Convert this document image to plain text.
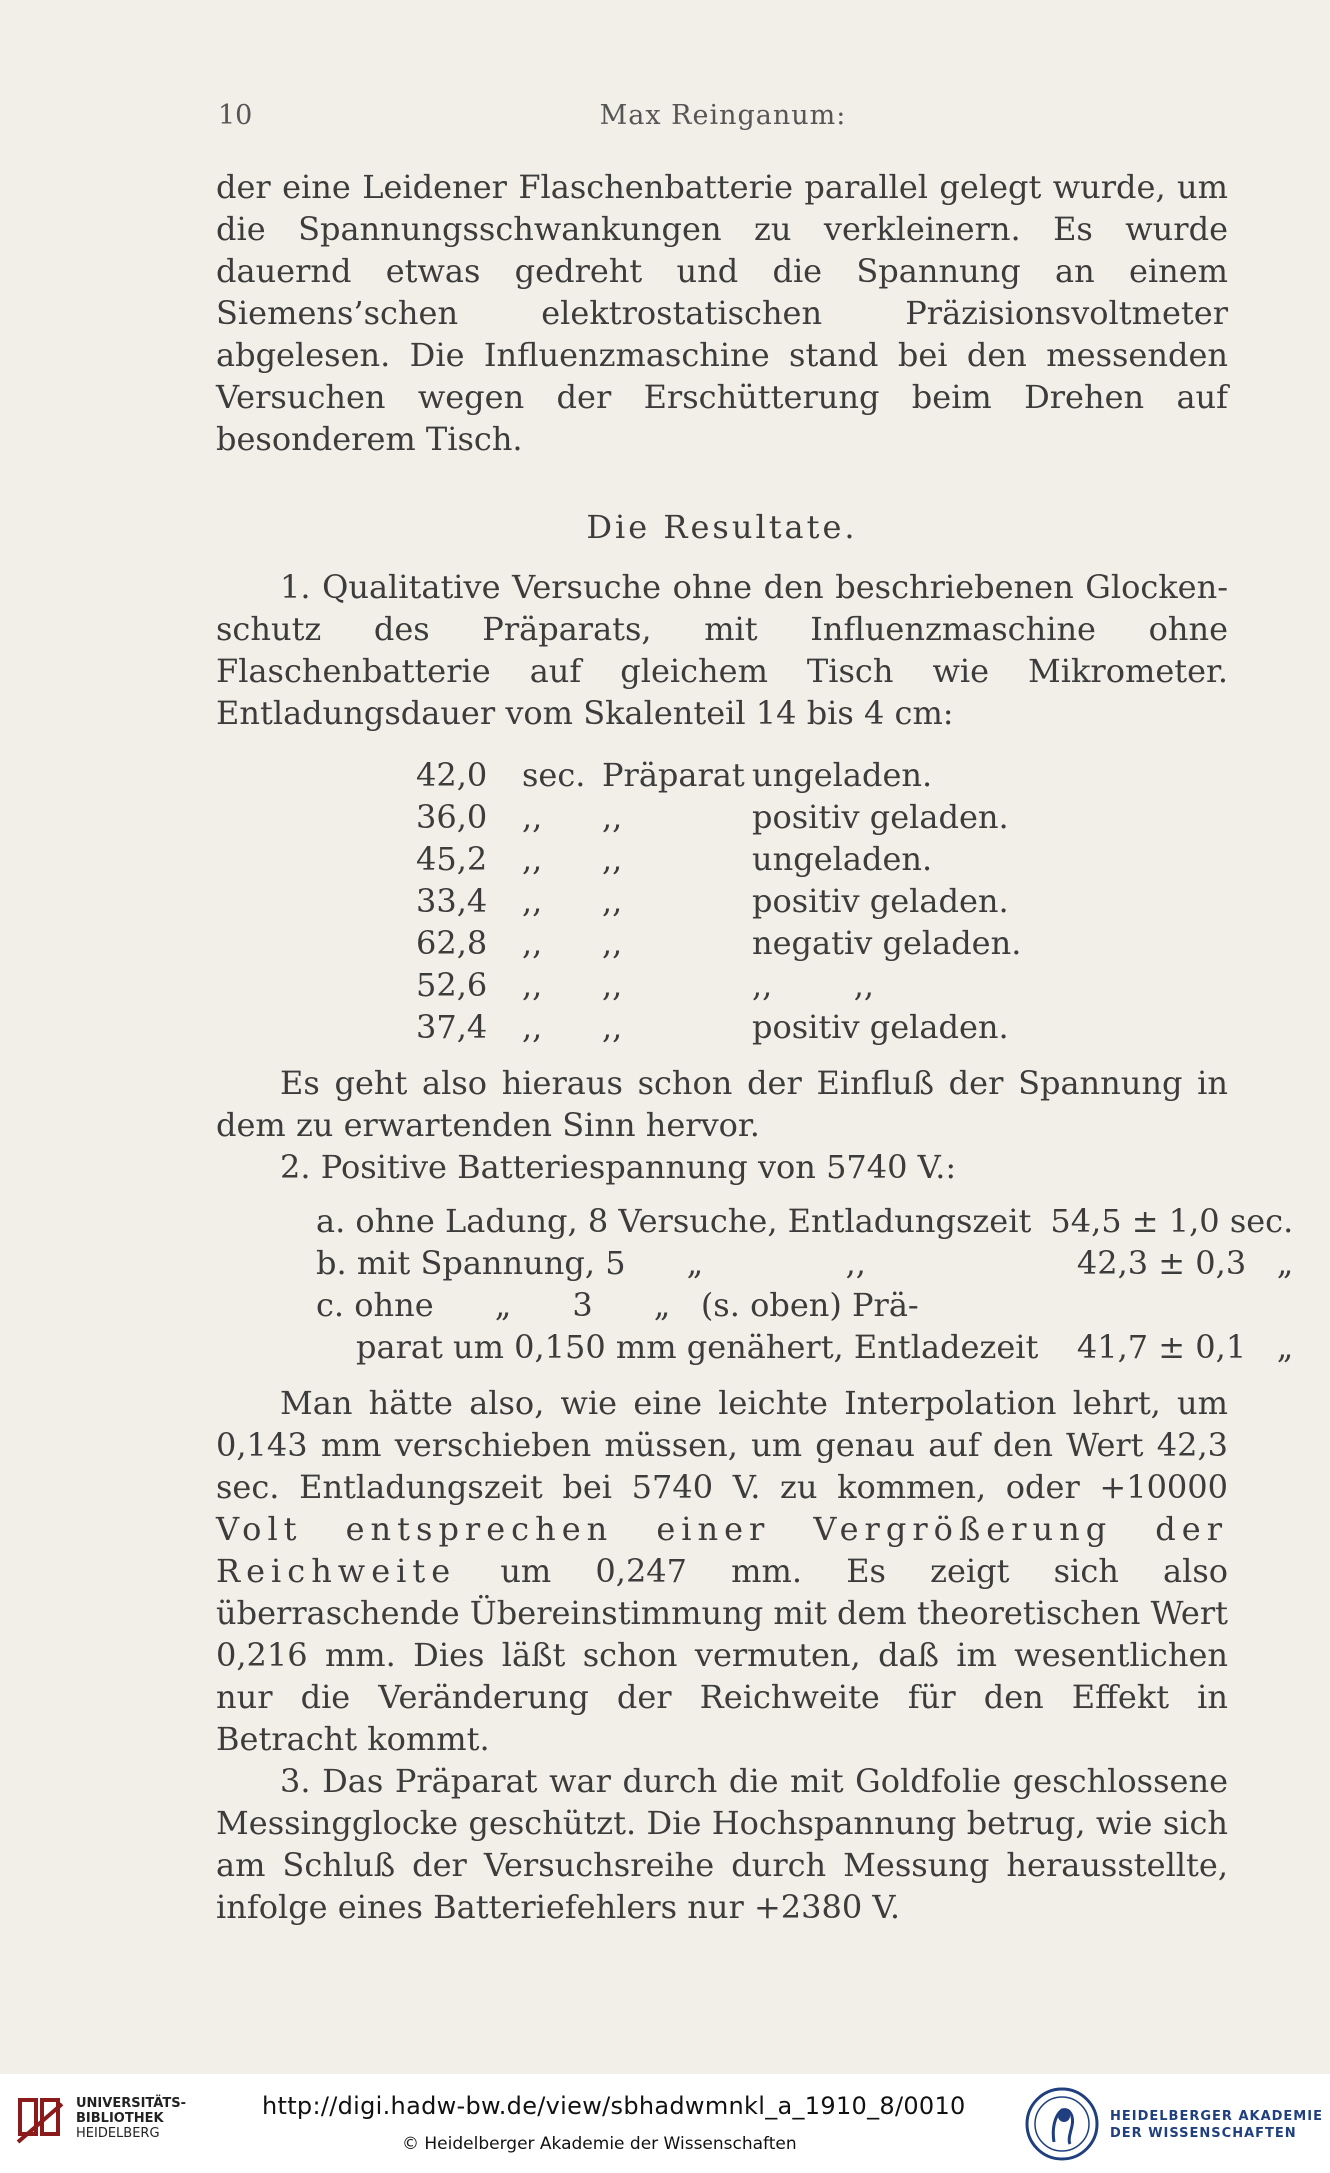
10	Max Reinganum:

der eine Leidener Flaschenbatterie parallel gelegt wurde, um die Spannungsschwankungen zu verkleinern. Es wurde dauernd etwas gedreht und die Spannung an einem Siemens’schen elektrostatischen Präzisionsvoltmeter abgelesen. Die Influenzmaschine stand bei den messenden Versuchen wegen der Erschütterung beim Drehen auf besonderem Tisch.

Die Resultate.

1. Qualitative Versuche ohne den beschriebenen Glockenschutz des Präparats, mit Influenzmaschine ohne Flaschenbatterie auf gleichem Tisch wie Mikrometer. Entladungsdauer vom Skalenteil 14 bis 4 cm:

42,0	sec.	Präparat	ungeladen.
36,0	,,	,,	positiv geladen.
45,2	,,	,,	ungeladen.
33,4	,,	,,	positiv geladen.
62,8	,,	,,	negativ geladen.
52,6	,,	,,	,,        ,,
37,4	,,	,,	positiv geladen.

Es geht also hieraus schon der Einfluß der Spannung in dem zu erwartenden Sinn hervor.

2. Positive Batteriespannung von 5740 V.:

a. ohne Ladung, 8 Versuche, Entladungszeit	54,5 ± 1,0 sec.
b. mit Spannung, 5      „              ,,	42,3 ± 0,3   „
c. ohne      „      3      „   (s. oben) Prä-	
parat um 0,150 mm genähert, Entladezeit	41,7 ± 0,1   „

Man hätte also, wie eine leichte Interpolation lehrt, um 0,143 mm verschieben müssen, um genau auf den Wert 42,3 sec. Entladungszeit bei 5740 V. zu kommen, oder +10000 Volt entsprechen einer Vergrößerung der Reichweite um 0,247 mm. Es zeigt sich also überraschende Übereinstimmung mit dem theoretischen Wert 0,216 mm. Dies läßt schon vermuten, daß im wesentlichen nur die Veränderung der Reichweite für den Effekt in Betracht kommt.

3. Das Präparat war durch die mit Goldfolie geschlossene Messingglocke geschützt. Die Hochspannung betrug, wie sich am Schluß der Versuchsreihe durch Messung herausstellte, infolge eines Batteriefehlers nur +2380 V.

UNIVERSITÄTS-
BIBLIOTHEK
HEIDELBERG
http://digi.hadw-bw.de/view/sbhadwmnkl_a_1910_8/0010
© Heidelberger Akademie der Wissenschaften
HEIDELBERGER AKADEMIE
DER WISSENSCHAFTEN
